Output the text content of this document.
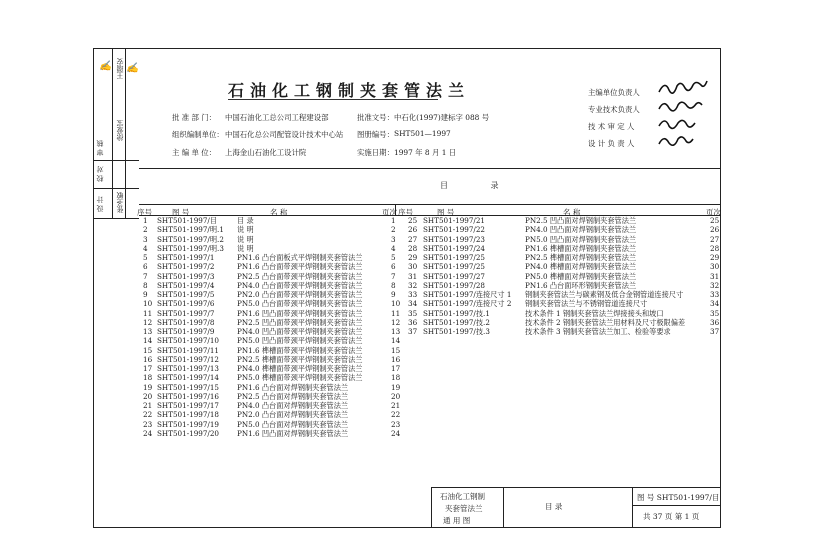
设 计
校 对
审 核
张圣敏
徐爱宝
王瑞安
✍ ✍
石油化工钢制夹套管法兰
批 准 部 门： 中国石油化工总公司工程建设部	批准文号： 中石化(1997)建标字 088 号
组织编制单位： 中国石化总公司配管设计技术中心站 图册编号： SHT501—1997
主 编 单 位： 上海金山石油化工设计院	实施日期： 1997 年 8 月 1 日
主编单位负责人
专业技术负责人
技 术 审 定 人
设 计 负 责 人
目 录
序号	图 号	名 称	页次 序号	图 号	名 称	页次
1 SHT501-1997/目	目 录	1
2 SHT501-1997/明.1 说 明	2
3 SHT501-1997/明.2 说 明	3
4 SHT501-1997/明.3 说 明	4
5 SHT501-1997/1	PN1.6 凸台面板式平焊钢制夹套管法兰	5
6 SHT501-1997/2	PN1.6 凸台面带颈平焊钢制夹套管法兰	6
7 SHT501-1997/3	PN2.5 凸台面带颈平焊钢制夹套管法兰	7
8 SHT501-1997/4	PN4.0 凸台面带颈平焊钢制夹套管法兰	8
9 SHT501-1997/5	PN2.0 凸台面带颈平焊钢制夹套管法兰	9
10 SHT501-1997/6	PN5.0 凸台面带颈平焊钢制夹套管法兰	10
11 SHT501-1997/7	PN1.6 凹凸面带颈平焊钢制夹套管法兰	11
12 SHT501-1997/8	PN2.5 凹凸面带颈平焊钢制夹套管法兰	12
13 SHT501-1997/9	PN4.0 凹凸面带颈平焊钢制夹套管法兰	13
14 SHT501-1997/10	PN5.0 凹凸面带颈平焊钢制夹套管法兰	14
15 SHT501-1997/11	PN1.6 榫槽面带颈平焊钢制夹套管法兰	15
16 SHT501-1997/12	PN2.5 榫槽面带颈平焊钢制夹套管法兰	16
17 SHT501-1997/13	PN4.0 榫槽面带颈平焊钢制夹套管法兰	17
18 SHT501-1997/14	PN5.0 榫槽面带颈平焊钢制夹套管法兰	18
19 SHT501-1997/15	PN1.6 凸台面对焊钢制夹套管法兰	19
20 SHT501-1997/16	PN2.5 凸台面对焊钢制夹套管法兰	20
21 SHT501-1997/17	PN4.0 凸台面对焊钢制夹套管法兰	21
22 SHT501-1997/18	PN2.0 凸台面对焊钢制夹套管法兰	22
23 SHT501-1997/19	PN5.0 凸台面对焊钢制夹套管法兰	23
24 SHT501-1997/20	PN1.6 凹凸面对焊钢制夹套管法兰	24
25 SHT501-1997/21	PN2.5 凹凸面对焊钢制夹套管法兰	25
26 SHT501-1997/22	PN4.0 凹凸面对焊钢制夹套管法兰	26
27 SHT501-1997/23	PN5.0 凹凸面对焊钢制夹套管法兰	27
28 SHT501-1997/24	PN1.6 榫槽面对焊钢制夹套管法兰	28
29 SHT501-1997/25	PN2.5 榫槽面对焊钢制夹套管法兰	29
30 SHT501-1997/25	PN4.0 榫槽面对焊钢制夹套管法兰	30
31 SHT501-1997/27	PN5.0 榫槽面对焊钢制夹套管法兰	31
32 SHT501-1997/28	PN1.6 凸台面环形钢制夹套管法兰	32
33 SHT501-1997/连接尺寸 1 钢制夹套管法兰与碳素钢及低合金钢管道连接尺寸	33
34 SHT501-1997/连接尺寸 2 钢制夹套管法兰与不锈钢管道连接尺寸	34
35 SHT501-1997/技.1	技术条件 1 钢制夹套管法兰焊接接头和坡口	35
36 SHT501-1997/技.2	技术条件 2 钢制夹套管法兰用材料及尺寸极限偏差	36
37 SHT501-1997/技.3	技术条件 3 钢制夹套管法兰加工、检验等要求	37
石油化工钢制
夹套管法兰
通 用 图
目 录
图 号 SHT501-1997/目
共 37 页 第 1 页
